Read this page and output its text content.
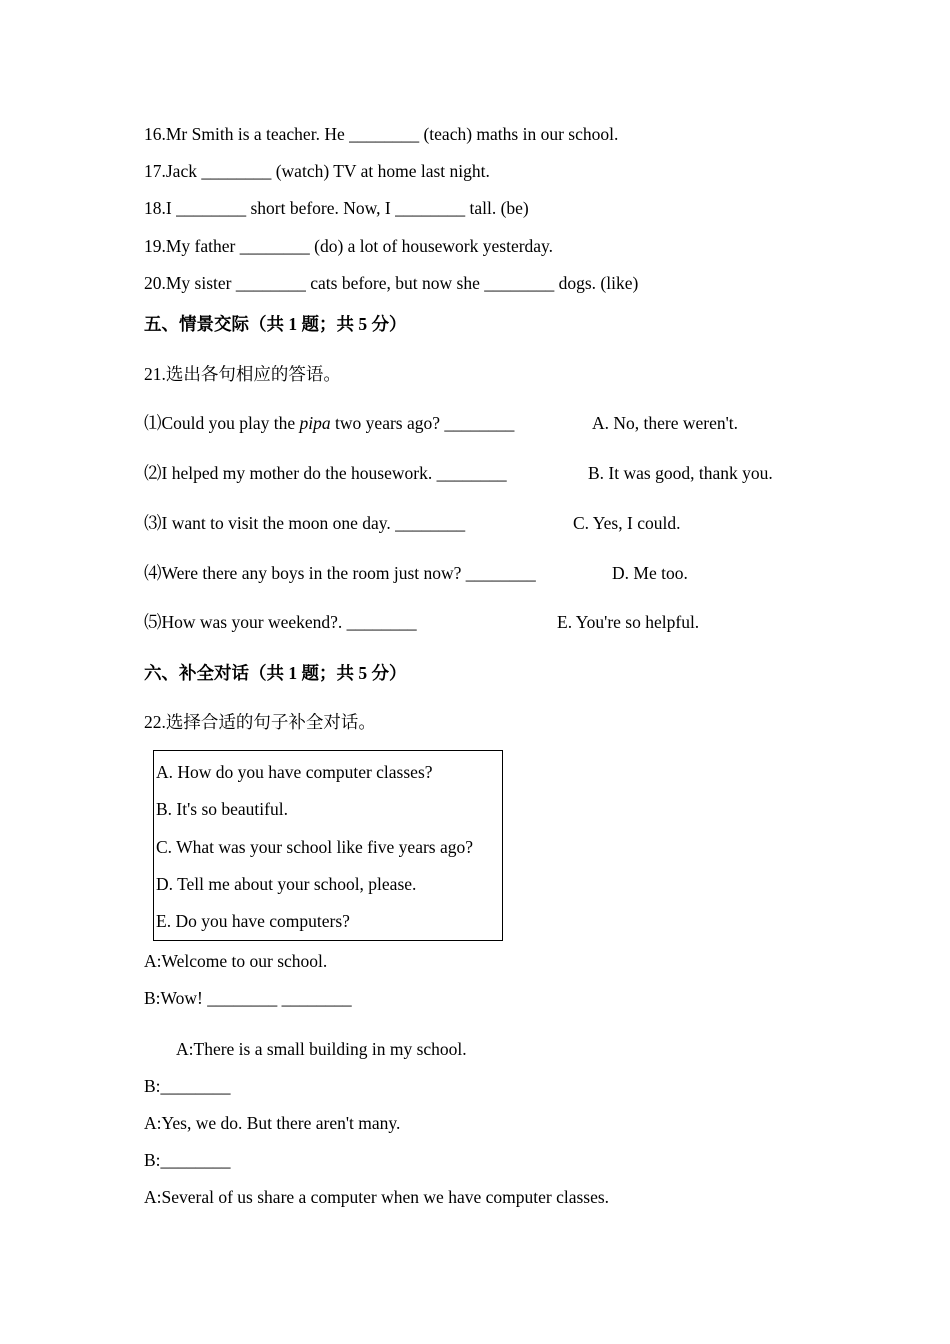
16.Mr Smith is a teacher. He ________ (teach) maths in our school.
17.Jack ________ (watch) TV at home last night.
18.I ________ short before. Now, I ________ tall. (be)
19.My father ________ (do) a lot of housework yesterday.
20.My sister ________ cats before, but now she ________ dogs. (like)
五、情景交际（共 1 题；共 5 分）
21.选出各句相应的答语。
⑴Could you play the pipa two years ago? ________	A. No, there weren't.
⑵I helped my mother do the housework. ________	B. It was good, thank you.
⑶I want to visit the moon one day. ________	C. Yes, I could.
⑷Were there any boys in the room just now? ________	D. Me too.
⑸How was your weekend?. ________	E. You're so helpful.
六、补全对话（共 1 题；共 5 分）
22.选择合适的句子补全对话。
A. How do you have computer classes?
B. It's so beautiful.
C. What was your school like five years ago?
D. Tell me about your school, please.
E. Do you have computers?
A:Welcome to our school.
B:Wow! ________ ________
A:There is a small building in my school.
B:________
A:Yes, we do. But there aren't many.
B:________
A:Several of us share a computer when we have computer classes.
